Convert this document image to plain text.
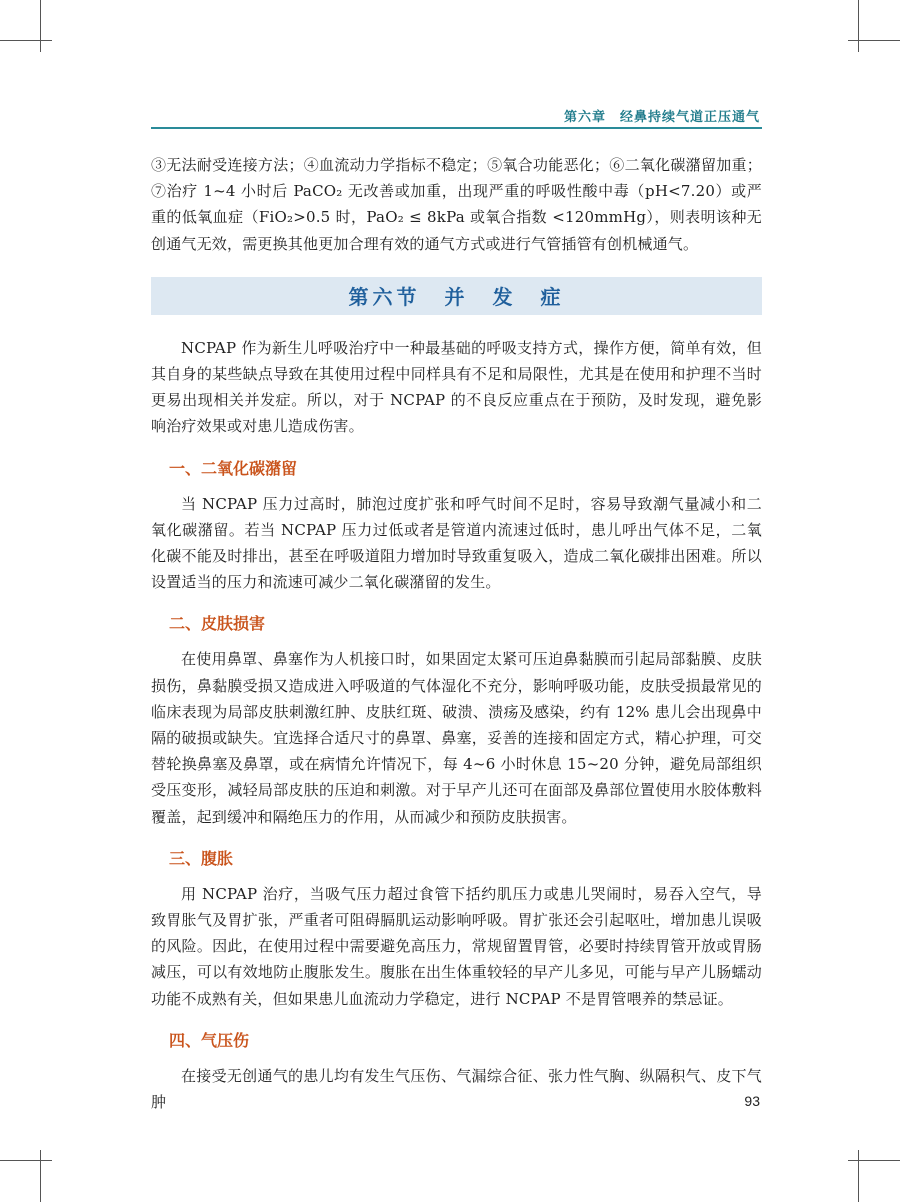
第六章　经鼻持续气道正压通气

③无法耐受连接方法；④血流动力学指标不稳定；⑤氧合功能恶化；⑥二氧化碳潴留加重；⑦治疗 1~4 小时后 PaCO₂ 无改善或加重，出现严重的呼吸性酸中毒（pH<7.20）或严重的低氧血症（FiO₂>0.5 时，PaO₂ ≤ 8kPa 或氧合指数 <120mmHg），则表明该种无创通气无效，需更换其他更加合理有效的通气方式或进行气管插管有创机械通气。

第六节　并　发　症

NCPAP 作为新生儿呼吸治疗中一种最基础的呼吸支持方式，操作方便，简单有效，但其自身的某些缺点导致在其使用过程中同样具有不足和局限性，尤其是在使用和护理不当时更易出现相关并发症。所以，对于 NCPAP 的不良反应重点在于预防，及时发现，避免影响治疗效果或对患儿造成伤害。

一、二氧化碳潴留

当 NCPAP 压力过高时，肺泡过度扩张和呼气时间不足时，容易导致潮气量减小和二氧化碳潴留。若当 NCPAP 压力过低或者是管道内流速过低时，患儿呼出气体不足，二氧化碳不能及时排出，甚至在呼吸道阻力增加时导致重复吸入，造成二氧化碳排出困难。所以设置适当的压力和流速可减少二氧化碳潴留的发生。

二、皮肤损害

在使用鼻罩、鼻塞作为人机接口时，如果固定太紧可压迫鼻黏膜而引起局部黏膜、皮肤损伤，鼻黏膜受损又造成进入呼吸道的气体湿化不充分，影响呼吸功能，皮肤受损最常见的临床表现为局部皮肤刺激红肿、皮肤红斑、破溃、溃疡及感染，约有 12% 患儿会出现鼻中隔的破损或缺失。宜选择合适尺寸的鼻罩、鼻塞，妥善的连接和固定方式，精心护理，可交替轮换鼻塞及鼻罩，或在病情允许情况下，每 4~6 小时休息 15~20 分钟，避免局部组织受压变形，减轻局部皮肤的压迫和刺激。对于早产儿还可在面部及鼻部位置使用水胶体敷料覆盖，起到缓冲和隔绝压力的作用，从而减少和预防皮肤损害。

三、腹胀

用 NCPAP 治疗，当吸气压力超过食管下括约肌压力或患儿哭闹时，易吞入空气，导致胃胀气及胃扩张，严重者可阻碍膈肌运动影响呼吸。胃扩张还会引起呕吐，增加患儿误吸的风险。因此，在使用过程中需要避免高压力，常规留置胃管，必要时持续胃管开放或胃肠减压，可以有效地防止腹胀发生。腹胀在出生体重较轻的早产儿多见，可能与早产儿肠蠕动功能不成熟有关，但如果患儿血流动力学稳定，进行 NCPAP 不是胃管喂养的禁忌证。

四、气压伤

在接受无创通气的患儿均有发生气压伤、气漏综合征、张力性气胸、纵隔积气、皮下气肿	93
